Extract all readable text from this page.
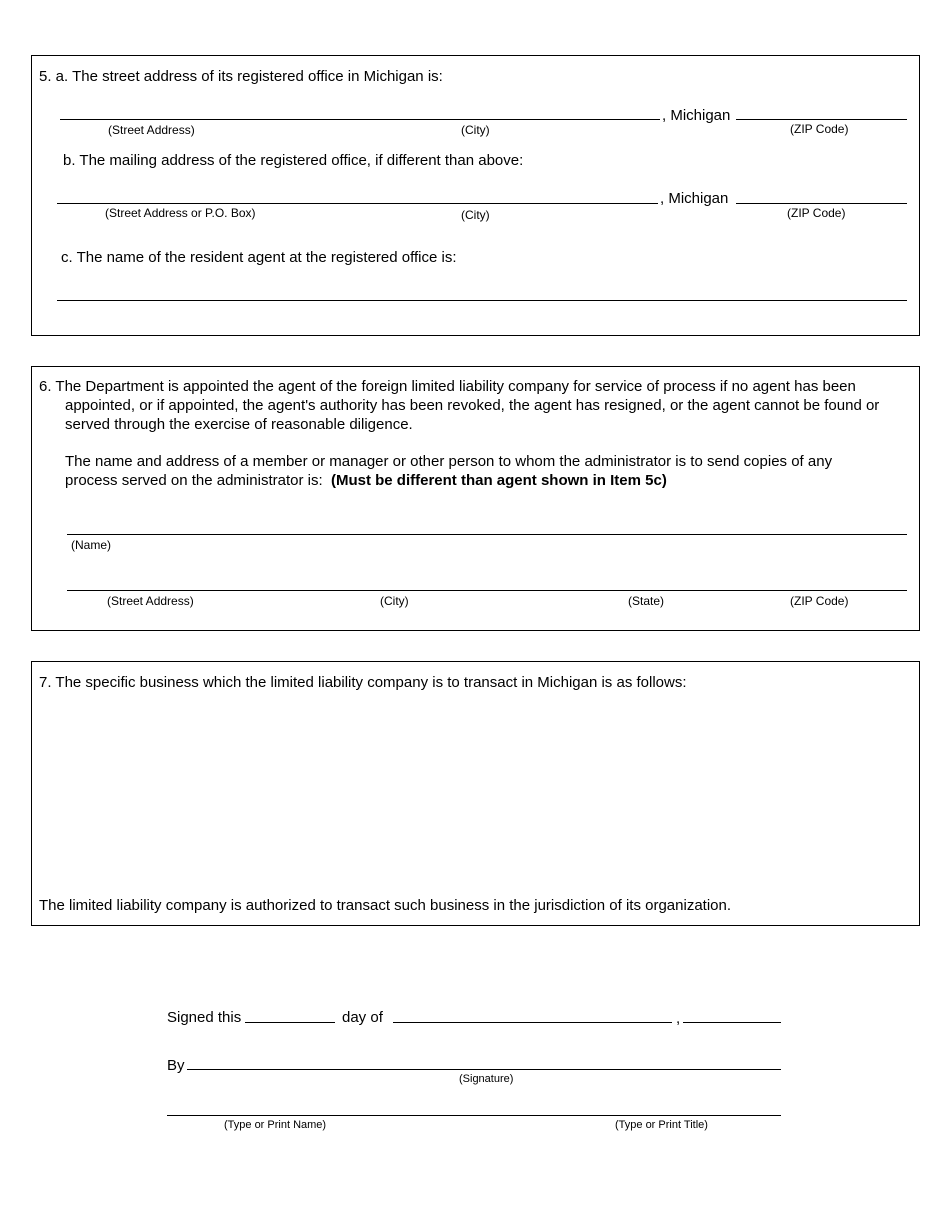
5. a. The street address of its registered office in Michigan is:
, Michigan
(Street Address)	(City)	(ZIP Code)
b. The mailing address of the registered office, if different than above:
, Michigan
(Street Address or P.O. Box)	(City)	(ZIP Code)
c. The name of the resident agent at the registered office is:
6. The Department is appointed the agent of the foreign limited liability company for service of process if no agent has been appointed, or if appointed, the agent's authority has been revoked, the agent has resigned, or the agent cannot be found or served through the exercise of reasonable diligence.
The name and address of a member or manager or other person to whom the administrator is to send copies of any process served on the administrator is: (Must be different than agent shown in Item 5c)
(Name)
(Street Address)	(City)	(State)	(ZIP Code)
7. The specific business which the limited liability company is to transact in Michigan is as follows:
The limited liability company is authorized to transact such business in the jurisdiction of its organization.
Signed this	day of	,
By
(Signature)
(Type or Print Name)	(Type or Print Title)
